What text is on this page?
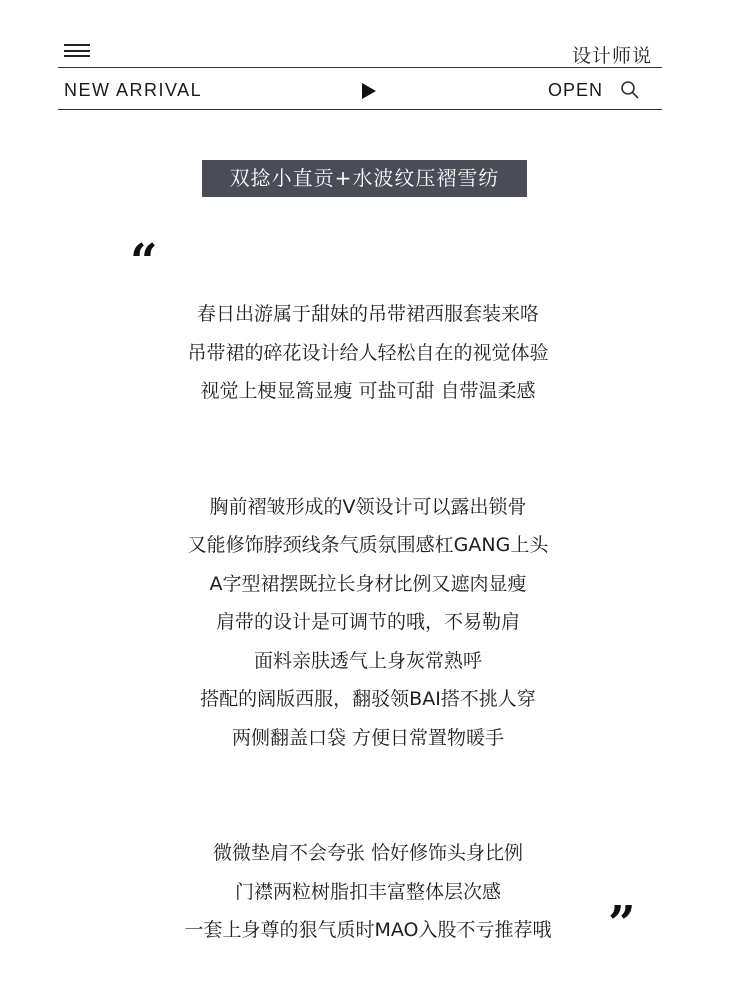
设计师说
NEW ARRIVAL	OPEN
双捻小直贡+水波纹压褶雪纺
“
春日出游属于甜妹的吊带裙西服套装来咯
吊带裙的碎花设计给人轻松自在的视觉体验
视觉上梗显篙显瘦 可盐可甜 自带温柔感
胸前褶皱形成的V领设计可以露出锁骨
又能修饰脖颈线条气质氛围感杠GANG上头
A字型裙摆既拉长身材比例又遮肉显瘦
肩带的设计是可调节的哦，不易勒肩
面料亲肤透气上身灰常熟呼
搭配的阔版西服，翻驳领BAI搭不挑人穿
两侧翻盖口袋 方便日常置物暖手
微微垫肩不会夸张 恰好修饰头身比例
门襟两粒树脂扣丰富整体层次感
一套上身尊的狠气质时MAO入股不亏推荐哦	”
